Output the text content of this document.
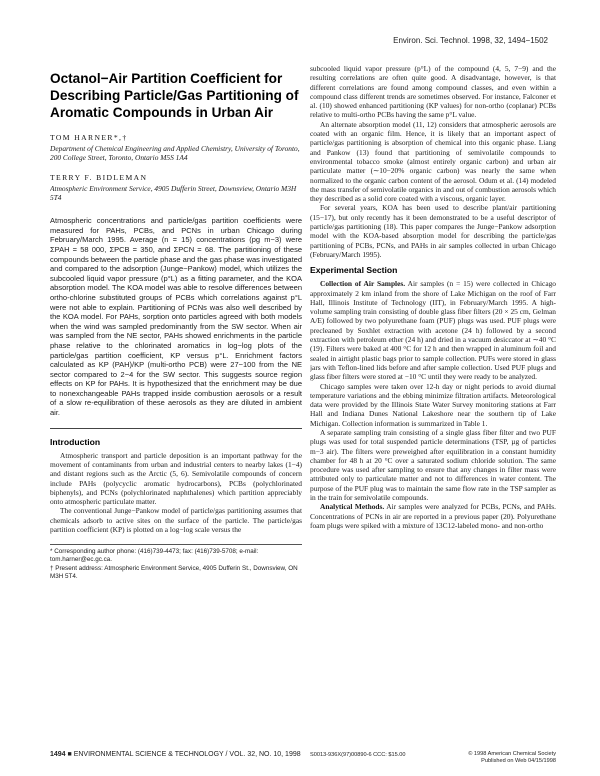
Environ. Sci. Technol. 1998, 32, 1494−1502
Octanol−Air Partition Coefficient for Describing Particle/Gas Partitioning of Aromatic Compounds in Urban Air
TOM HARNER*,†
Department of Chemical Engineering and Applied Chemistry, University of Toronto, 200 College Street, Toronto, Ontario M5S 1A4
TERRY F. BIDLEMAN
Atmospheric Environment Service, 4905 Dufferin Street, Downsview, Ontario M3H 5T4
Atmospheric concentrations and particle/gas partition coefficients were measured for PAHs, PCBs, and PCNs in urban Chicago during February/March 1995. Average (n = 15) concentrations (pg m−3) were ΣPAH = 58 000, ΣPCB = 350, and ΣPCN = 68. The partitioning of these compounds between the particle phase and the gas phase was investigated and compared to the adsorption (Junge−Pankow) model, which utilizes the subcooled liquid vapor pressure (p°L) as a fitting parameter, and the KOA absorption model. The KOA model was able to resolve differences between ortho-chlorine substituted groups of PCBs which correlations against p°L were not able to explain. Partitioning of PCNs was also well described by the KOA model. For PAHs, sorption onto particles agreed with both models when the wind was sampled predominantly from the SW sector. When air was sampled from the NE sector, PAHs showed enrichments in the particle phase relative to the chlorinated aromatics in log−log plots of the particle/gas partition coefficient, KP versus p°L. Enrichment factors calculated as KP (PAH)/KP (multi-ortho PCB) were 27−100 from the NE sector compared to 2−4 for the SW sector. This suggests source region effects on KP for PAHs. It is hypothesized that the enrichment may be due to nonexchangeable PAHs trapped inside combustion aerosols or a result of a slow re-equilibration of these aerosols as they are diluted in ambient air.
Introduction

Atmospheric transport and particle deposition is an important pathway for the movement of contaminants from urban and industrial centers to nearby lakes (1−4) and distant regions such as the Arctic (5, 6). Semivolatile compounds of concern include PAHs (polycyclic aromatic hydrocarbons), PCBs (polychlorinated biphenyls), and PCNs (polychlorinated naphthalenes) which partition appreciably onto atmospheric particulate matter.

The conventional Junge−Pankow model of particle/gas partitioning assumes that chemicals adsorb to active sites on the surface of the particle. The particle/gas partition coefficient (KP) is plotted on a log−log scale versus the

* Corresponding author phone: (416)739-4473; fax: (416)739-5708; e-mail: tom.harner@ec.gc.ca.
† Present address: Atmospheric Environment Service, 4905 Dufferin St., Downsview, ON M3H 5T4.

subcooled liquid vapor pressure (p°L) of the compound (4, 5, 7−9) and the resulting correlations are often quite good. A disadvantage, however, is that different correlations are found among compound classes, and even within a compound class different trends are sometimes observed. For instance, Falconer et al. (10) showed enhanced partitioning (KP values) for non-ortho (coplanar) PCBs relative to multi-ortho PCBs having the same p°L value.

An alternate absorption model (11, 12) considers that atmospheric aerosols are coated with an organic film. Hence, it is likely that an important aspect of particle/gas partitioning is absorption of chemical into this organic phase. Liang and Pankow (13) found that partitioning of semivolatile compounds to environmental tobacco smoke (almost entirely organic carbon) and urban air particulate matter (∼10−20% organic carbon) was nearly the same when normalized to the organic carbon content of the aerosol. Odum et al. (14) modeled the mass transfer of semivolatile organics in and out of combustion aerosols which they described as a solid core coated with a viscous, organic layer.

For several years, KOA has been used to describe plant/air partitioning (15−17), but only recently has it been demonstrated to be a useful descriptor of particle/gas partitioning (18). This paper compares the Junge−Pankow adsorption model with the KOA-based absorption model for describing the particle/gas partitioning of PCBs, PCNs, and PAHs in air samples collected in urban Chicago (February/March 1995).

Experimental Section

Collection of Air Samples. Air samples (n = 15) were collected in Chicago approximately 2 km inland from the shore of Lake Michigan on the roof of Farr Hall, Illinois Institute of Technology (IIT), in February/March 1995. A high-volume sampling train consisting of double glass fiber filters (20 × 25 cm, Gelman A/E) followed by two polyurethane foam (PUF) plugs was used. PUF plugs were precleaned by Soxhlet extraction with acetone (24 h) followed by a second extraction with petroleum ether (24 h) and dried in a vacuum desiccator at ∼40 °C (19). Filters were baked at 400 °C for 12 h and then wrapped in aluminum foil and sealed in airtight plastic bags prior to sample collection. PUFs were stored in glass jars with Teflon-lined lids before and after sample collection. Used PUF plugs and glass fiber filters were stored at −10 °C until they were ready to be analyzed.

Chicago samples were taken over 12-h day or night periods to avoid diurnal temperature variations and the ebbing minimize filtration artifacts. Meteorological data were provided by the Illinois State Water Survey monitoring stations at Farr Hall and Indiana Dunes National Lakeshore near the southern tip of Lake Michigan. Collection information is summarized in Table 1.

A separate sampling train consisting of a single glass fiber filter and two PUF plugs was used for total suspended particle determinations (TSP, µg of particles m−3 air). The filters were preweighed after equilibration in a constant humidity chamber for 48 h at 20 °C over a saturated sodium chloride solution. The same procedure was used after sampling to ensure that any changes in filter mass were attributed only to particulate matter and not to differences in water content. The purpose of the PUF plug was to maintain the same flow rate in the TSP sampler as in the train for semivolatile compounds.

Analytical Methods. Air samples were analyzed for PCBs, PCNs, and PAHs. Concentrations of PCNs in air are reported in a previous paper (20). Polyurethane foam plugs were spiked with a mixture of 13C12-labeled mono- and non-ortho

1494 ■ ENVIRONMENTAL SCIENCE & TECHNOLOGY / VOL. 32, NO. 10, 1998 S0013-936X(97)00890-6 CCC: $15.00	© 1998 American Chemical Society
Published on Web 04/15/1998
